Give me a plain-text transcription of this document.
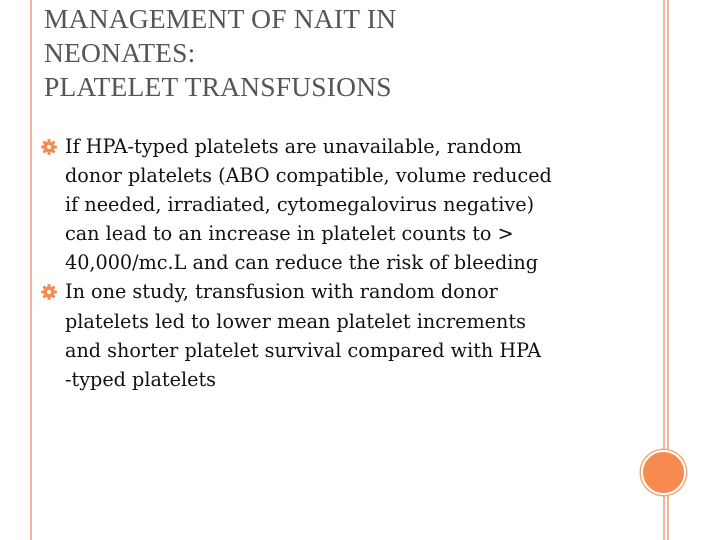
MANAGEMENT OF NAIT IN
NEONATES:
PLATELET TRANSFUSIONS
If HPA-typed platelets are unavailable, random
donor platelets (ABO compatible, volume reduced
if needed, irradiated, cytomegalovirus negative)
can lead to an increase in platelet counts to >
40,000/mc.L and can reduce the risk of bleeding
In one study, transfusion with random donor
platelets led to lower mean platelet increments
and shorter platelet survival compared with HPA
-typed platelets
